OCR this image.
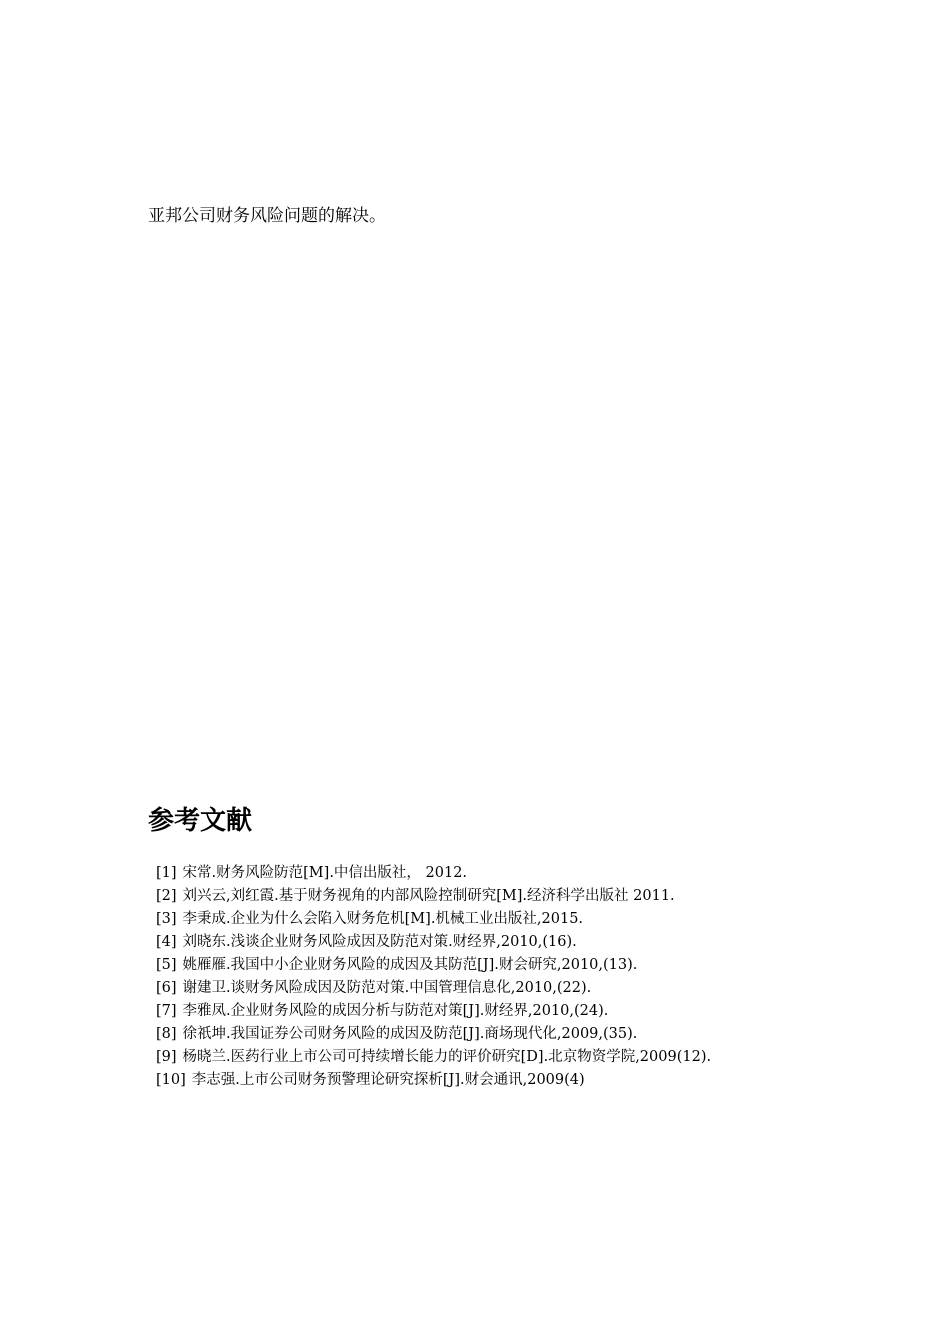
亚邦公司财务风险问题的解决。

参考文献
[1] 宋常.财务风险防范[M].中信出版社， 2012.
[2] 刘兴云,刘红霞.基于财务视角的内部风险控制研究[M].经济科学出版社 2011.
[3] 李秉成.企业为什么会陷入财务危机[M].机械工业出版社,2015.
[4] 刘晓东.浅谈企业财务风险成因及防范对策.财经界,2010,(16).
[5] 姚雁雁.我国中小企业财务风险的成因及其防范[J].财会研究,2010,(13).
[6] 谢建卫.谈财务风险成因及防范对策.中国管理信息化,2010,(22).
[7] 李雅凤.企业财务风险的成因分析与防范对策[J].财经界,2010,(24).
[8] 徐祇坤.我国证券公司财务风险的成因及防范[J].商场现代化,2009,(35).
[9] 杨晓兰.医药行业上市公司可持续增长能力的评价研究[D].北京物资学院,2009(12).
[10] 李志强.上市公司财务预警理论研究探析[J].财会通讯,2009(4)
